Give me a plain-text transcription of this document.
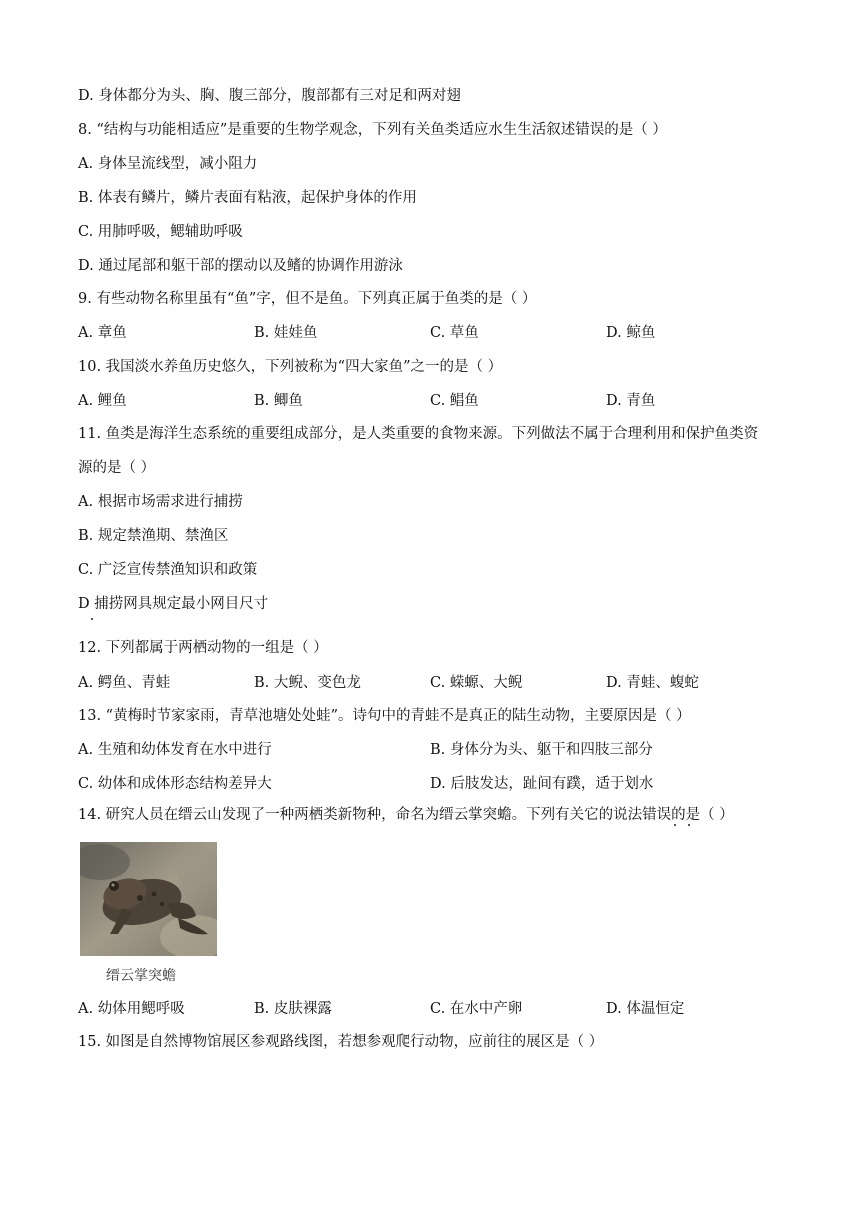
D. 身体都分为头、胸、腹三部分，腹部都有三对足和两对翅
8. “结构与功能相适应”是重要的生物学观念，下列有关鱼类适应水生生活叙述错误的是（ ）
A. 身体呈流线型，减小阻力
B. 体表有鳞片，鳞片表面有粘液，起保护身体的作用
C. 用肺呼吸，鳃辅助呼吸
D. 通过尾部和躯干部的摆动以及鳍的协调作用游泳
9. 有些动物名称里虽有“鱼”字，但不是鱼。下列真正属于鱼类的是（ ）
A. 章鱼	B. 娃娃鱼	C. 草鱼	D. 鲸鱼
10. 我国淡水养鱼历史悠久，下列被称为“四大家鱼”之一的是（ ）
A. 鲤鱼	B. 鲫鱼	C. 鲳鱼	D. 青鱼
11. 鱼类是海洋生态系统的重要组成部分，是人类重要的食物来源。下列做法不属于合理利用和保护鱼类资
源的是（ ）
A. 根据市场需求进行捕捞
B. 规定禁渔期、禁渔区
C. 广泛宣传禁渔知识和政策
D 捕捞网具规定最小网目尺寸
12. 下列都属于两栖动物的一组是（ ）
A. 鳄鱼、青蛙	B. 大鲵、变色龙	C. 蝾螈、大鲵	D. 青蛙、蝮蛇
13. “黄梅时节家家雨，青草池塘处处蛙”。诗句中的青蛙不是真正的陆生动物，主要原因是（ ）
A. 生殖和幼体发育在水中进行	B. 身体分为头、躯干和四肢三部分
C. 幼体和成体形态结构差异大	D. 后肢发达，趾间有蹼，适于划水
14. 研究人员在缙云山发现了一种两栖类新物种，命名为缙云掌突蟾。下列有关它的说法错误的是（ ）
缙云掌突蟾
A. 幼体用鳃呼吸	B. 皮肤裸露	C. 在水中产卵	D. 体温恒定
15. 如图是自然博物馆展区参观路线图，若想参观爬行动物，应前往的展区是（ ）
